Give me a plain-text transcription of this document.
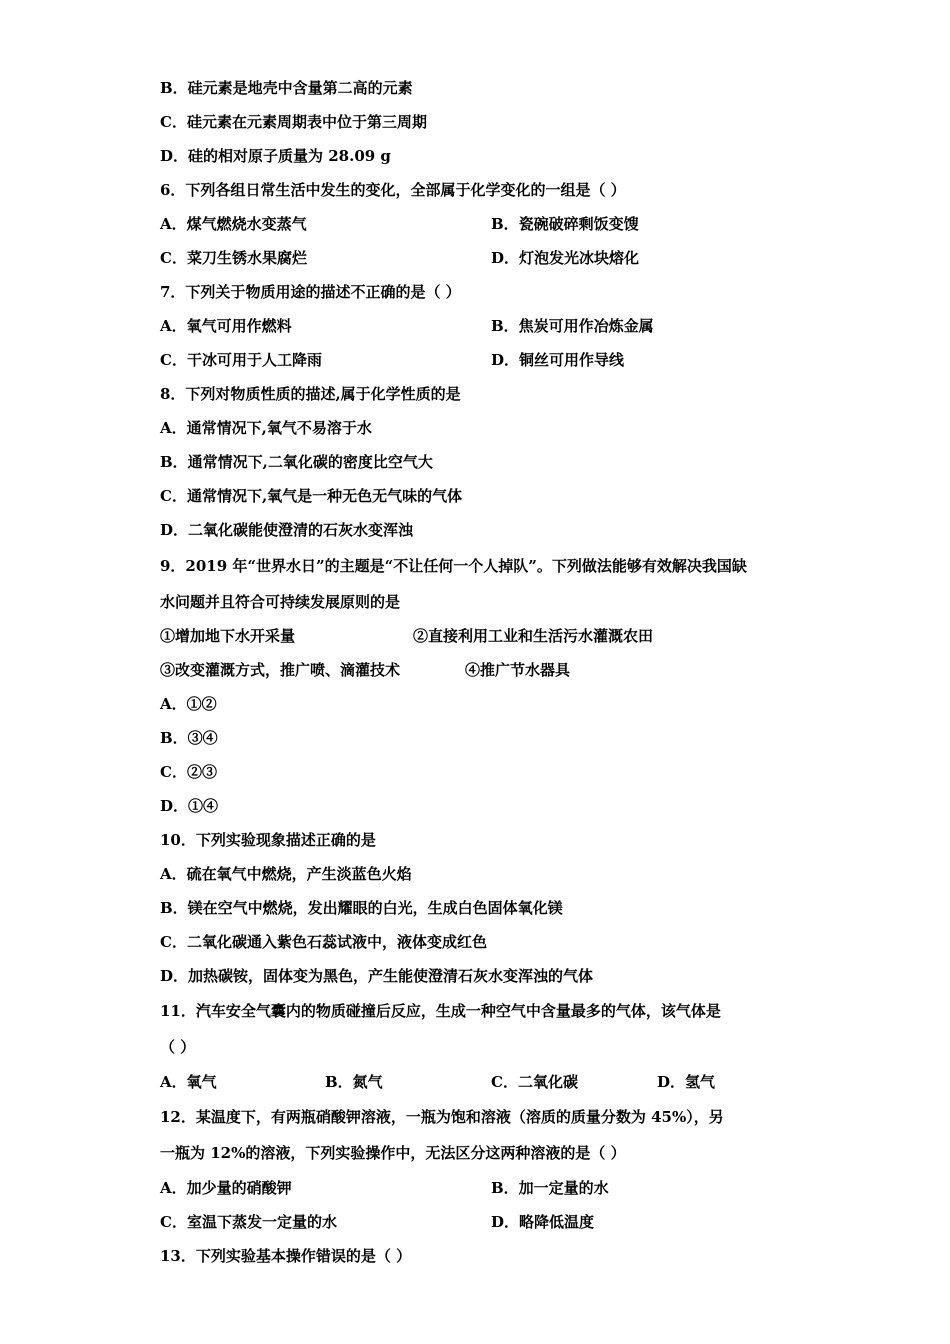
B．硅元素是地壳中含量第二高的元素
C．硅元素在元素周期表中位于第三周期
D．硅的相对原子质量为 28.09 g
6．下列各组日常生活中发生的变化，全部属于化学变化的一组是（ ）
A．煤气燃烧水变蒸气	B．瓷碗破碎剩饭变馊
C．菜刀生锈水果腐烂	D．灯泡发光冰块熔化
7．下列关于物质用途的描述不正确的是（ ）
A．氧气可用作燃料	B．焦炭可用作冶炼金属
C．干冰可用于人工降雨	D．铜丝可用作导线
8．下列对物质性质的描述,属于化学性质的是
A．通常情况下,氧气不易溶于水
B．通常情况下,二氧化碳的密度比空气大
C．通常情况下,氧气是一种无色无气味的气体
D．二氧化碳能使澄清的石灰水变浑浊
9．2019 年“世界水日”的主题是“不让任何一个人掉队”。下列做法能够有效解决我国缺
水问题并且符合可持续发展原则的是
①增加地下水开采量	②直接利用工业和生活污水灌溉农田
③改变灌溉方式，推广喷、滴灌技术	④推广节水器具
A．①②
B．③④
C．②③
D．①④
10．下列实验现象描述正确的是
A．硫在氧气中燃烧，产生淡蓝色火焰
B．镁在空气中燃烧，发出耀眼的白光，生成白色固体氧化镁
C．二氧化碳通入紫色石蕊试液中，液体变成红色
D．加热碳铵，固体变为黑色，产生能使澄清石灰水变浑浊的气体
11．汽车安全气囊内的物质碰撞后反应，生成一种空气中含量最多的气体，该气体是
（ ）
A．氧气	B．氮气	C．二氧化碳	D．氢气
12．某温度下，有两瓶硝酸钾溶液，一瓶为饱和溶液（溶质的质量分数为 45%），另
一瓶为 12%的溶液，下列实验操作中，无法区分这两种溶液的是（ ）
A．加少量的硝酸钾	B．加一定量的水
C．室温下蒸发一定量的水	D．略降低温度
13．下列实验基本操作错误的是（ ）
